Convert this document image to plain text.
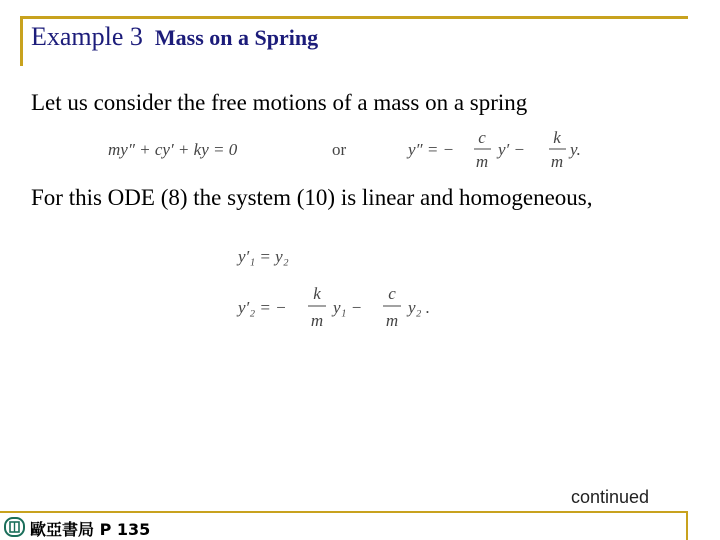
Example 3 Mass on a Spring
Let us consider the free motions of a mass on a spring
my″ + cy′ + ky = 0	or	y″ = −
c
m
y′ −
k
m
y.
For this ODE (8) the system (10) is linear and homogeneous,
y′₁ = y₂
y′₂ = −
k
m
y₁ −
c
m
y₂ .
continued
歐亞書局 P 135
